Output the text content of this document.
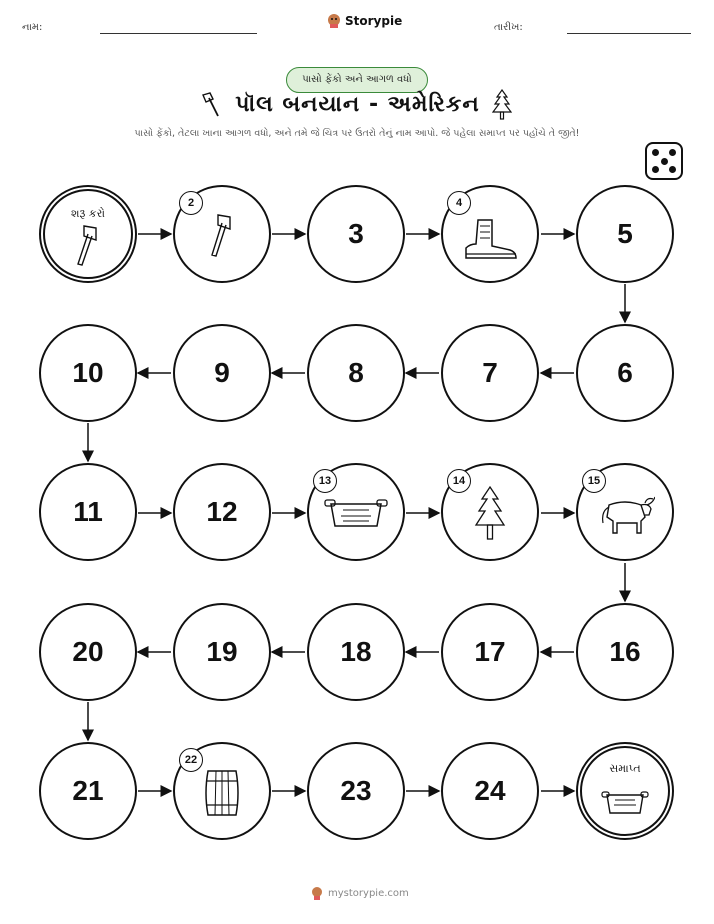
નામ:	Storypie	તારીખ:
પાસો ફેંકો અને આગળ વધો
પૉલ બનયાન - અમેરિકન
પાસો ફેંકો, તેટલા ખાના આગળ વધો, અને તમે જે ચિત્ર પર ઉતરો તેનું નામ આપો. જે પહેલા સમાપ્ત પર પહોંચે તે જીતે!
શરૂ કરો
2
3
4
5
10	9	8	7	6
11	12
13	14	15
20	19	18	17	16
21
22
23	24
સમાપ્ત
mystorypie.com
